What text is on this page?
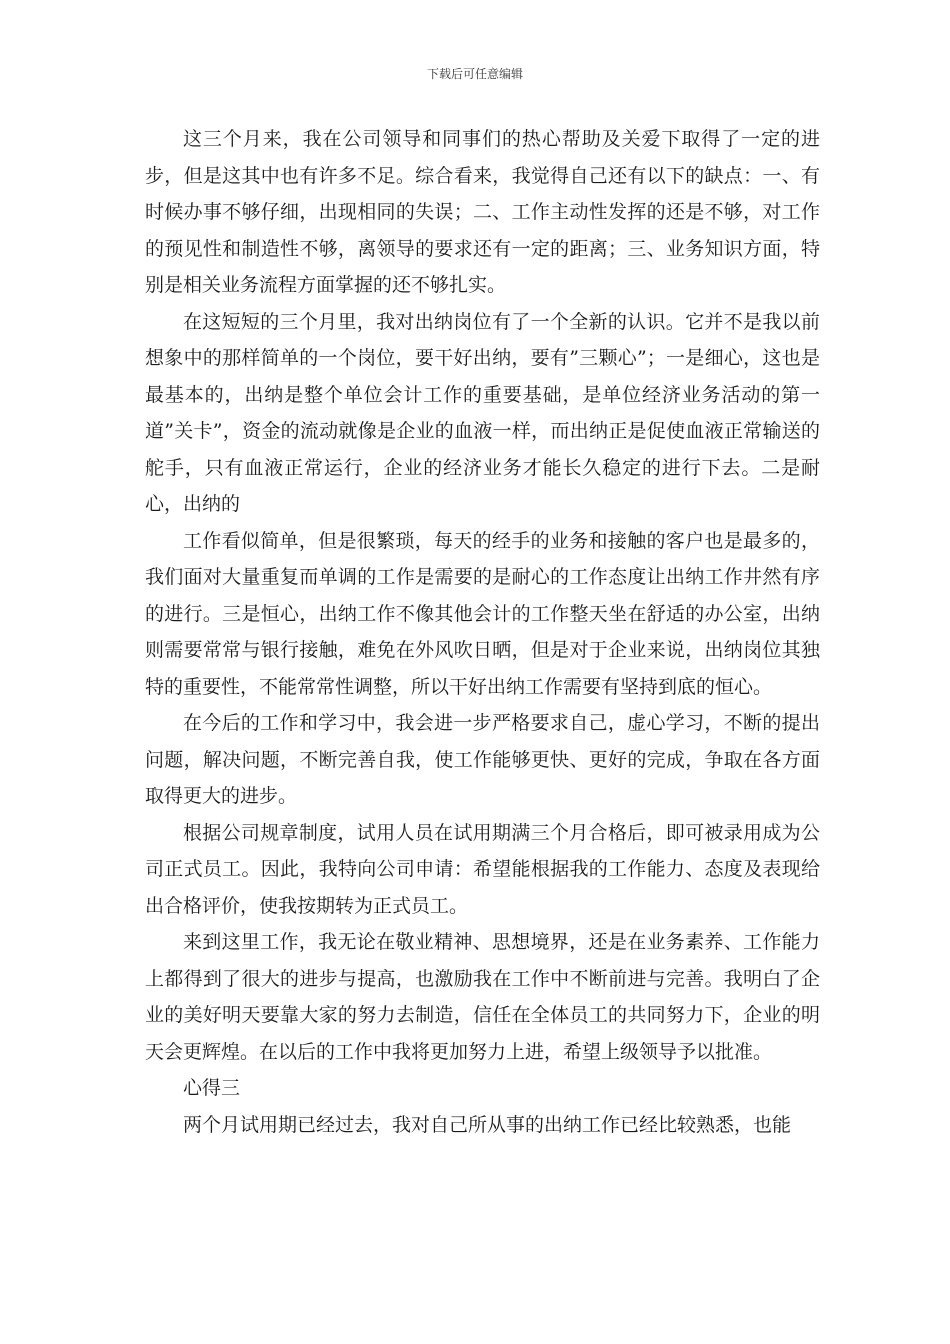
下载后可任意编辑

这三个月来，我在公司领导和同事们的热心帮助及关爱下取得了一定的进步，但是这其中也有许多不足。综合看来，我觉得自己还有以下的缺点：一、有时候办事不够仔细，出现相同的失误；二、工作主动性发挥的还是不够，对工作的预见性和制造性不够，离领导的要求还有一定的距离；三、业务知识方面，特别是相关业务流程方面掌握的还不够扎实。

在这短短的三个月里，我对出纳岗位有了一个全新的认识。它并不是我以前想象中的那样简单的一个岗位，要干好出纳，要有”三颗心”；一是细心，这也是最基本的，出纳是整个单位会计工作的重要基础，是单位经济业务活动的第一道”关卡”，资金的流动就像是企业的血液一样，而出纳正是促使血液正常输送的舵手，只有血液正常运行，企业的经济业务才能长久稳定的进行下去。二是耐心，出纳的

工作看似简单，但是很繁琐，每天的经手的业务和接触的客户也是最多的，我们面对大量重复而单调的工作是需要的是耐心的工作态度让出纳工作井然有序的进行。三是恒心，出纳工作不像其他会计的工作整天坐在舒适的办公室，出纳则需要常常与银行接触，难免在外风吹日晒，但是对于企业来说，出纳岗位其独特的重要性，不能常常性调整，所以干好出纳工作需要有坚持到底的恒心。

在今后的工作和学习中，我会进一步严格要求自己，虚心学习，不断的提出问题，解决问题，不断完善自我，使工作能够更快、更好的完成，争取在各方面取得更大的进步。

根据公司规章制度，试用人员在试用期满三个月合格后，即可被录用成为公司正式员工。因此，我特向公司申请：希望能根据我的工作能力、态度及表现给出合格评价，使我按期转为正式员工。

来到这里工作，我无论在敬业精神、思想境界，还是在业务素养、工作能力上都得到了很大的进步与提高，也激励我在工作中不断前进与完善。我明白了企业的美好明天要靠大家的努力去制造，信任在全体员工的共同努力下，企业的明天会更辉煌。在以后的工作中我将更加努力上进，希望上级领导予以批准。

心得三

两个月试用期已经过去，我对自己所从事的出纳工作已经比较熟悉，也能
